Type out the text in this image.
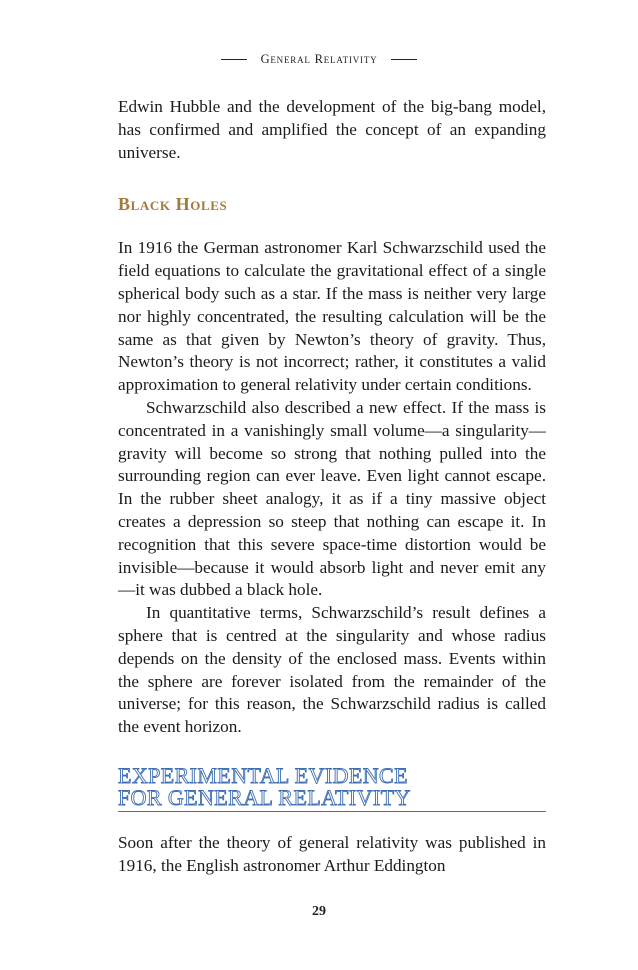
General Relativity

Edwin Hubble and the development of the big-bang model, has confirmed and amplified the concept of an expanding universe.

Black Holes

In 1916 the German astronomer Karl Schwarzschild used the field equations to calculate the gravitational effect of a single spherical body such as a star. If the mass is neither very large nor highly concentrated, the resulting calculation will be the same as that given by Newton’s theory of gravity. Thus, Newton’s theory is not incorrect; rather, it constitutes a valid approximation to general relativity under certain conditions.

Schwarzschild also described a new effect. If the mass is concentrated in a vanishingly small volume—a singularity—gravity will become so strong that nothing pulled into the surrounding region can ever leave. Even light cannot escape. In the rubber sheet analogy, it as if a tiny massive object creates a depression so steep that nothing can escape it. In recognition that this severe space-time distortion would be invisible—because it would absorb light and never emit any—it was dubbed a black hole.

In quantitative terms, Schwarzschild’s result defines a sphere that is centred at the singularity and whose radius depends on the density of the enclosed mass. Events within the sphere are forever isolated from the remainder of the universe; for this reason, the Schwarzschild radius is called the event horizon.

EXPERIMENTAL EVIDENCE
FOR GENERAL RELATIVITY

Soon after the theory of general relativity was published in 1916, the English astronomer Arthur Eddington

29
